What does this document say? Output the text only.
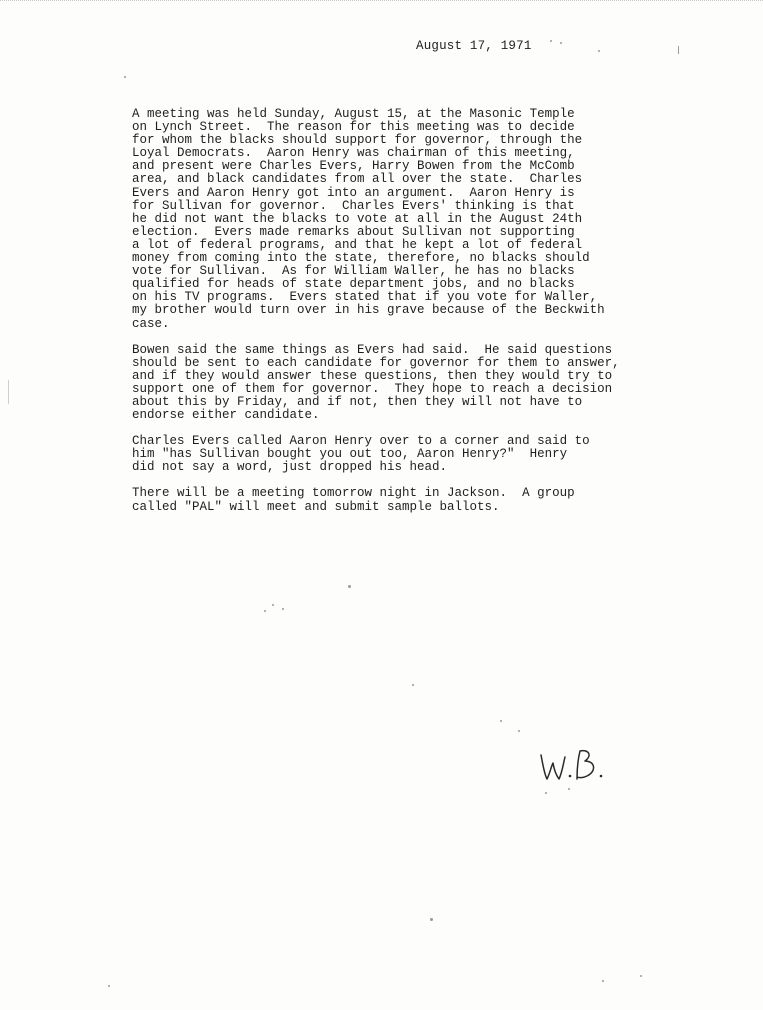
August 17, 1971
A meeting was held Sunday, August 15, at the Masonic Temple
on Lynch Street.  The reason for this meeting was to decide
for whom the blacks should support for governor, through the
Loyal Democrats.  Aaron Henry was chairman of this meeting,
and present were Charles Evers, Harry Bowen from the McComb
area, and black candidates from all over the state.  Charles
Evers and Aaron Henry got into an argument.  Aaron Henry is
for Sullivan for governor.  Charles Evers' thinking is that
he did not want the blacks to vote at all in the August 24th
election.  Evers made remarks about Sullivan not supporting
a lot of federal programs, and that he kept a lot of federal
money from coming into the state, therefore, no blacks should
vote for Sullivan.  As for William Waller, he has no blacks
qualified for heads of state department jobs, and no blacks
on his TV programs.  Evers stated that if you vote for Waller,
my brother would turn over in his grave because of the Beckwith
case.
Bowen said the same things as Evers had said.  He said questions
should be sent to each candidate for governor for them to answer,
and if they would answer these questions, then they would try to
support one of them for governor.  They hope to reach a decision
about this by Friday, and if not, then they will not have to
endorse either candidate.
Charles Evers called Aaron Henry over to a corner and said to
him "has Sullivan bought you out too, Aaron Henry?"  Henry
did not say a word, just dropped his head.
There will be a meeting tomorrow night in Jackson.  A group
called "PAL" will meet and submit sample ballots.
